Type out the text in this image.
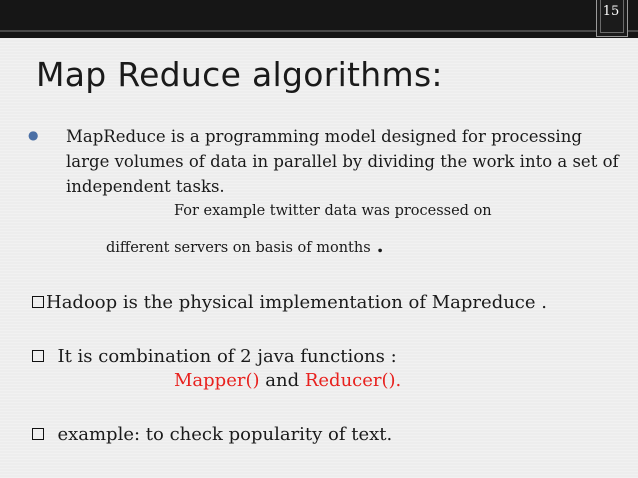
15
Map Reduce algorithms:
● MapReduce is a programming model designed for processing large volumes of data in parallel by dividing the work into a set of independent tasks.
For example twitter data was processed on
different servers on basis of months .
Hadoop is the physical implementation of Mapreduce .
It is combination of 2 java functions :
Mapper() and Reducer().
example: to check popularity of text.
